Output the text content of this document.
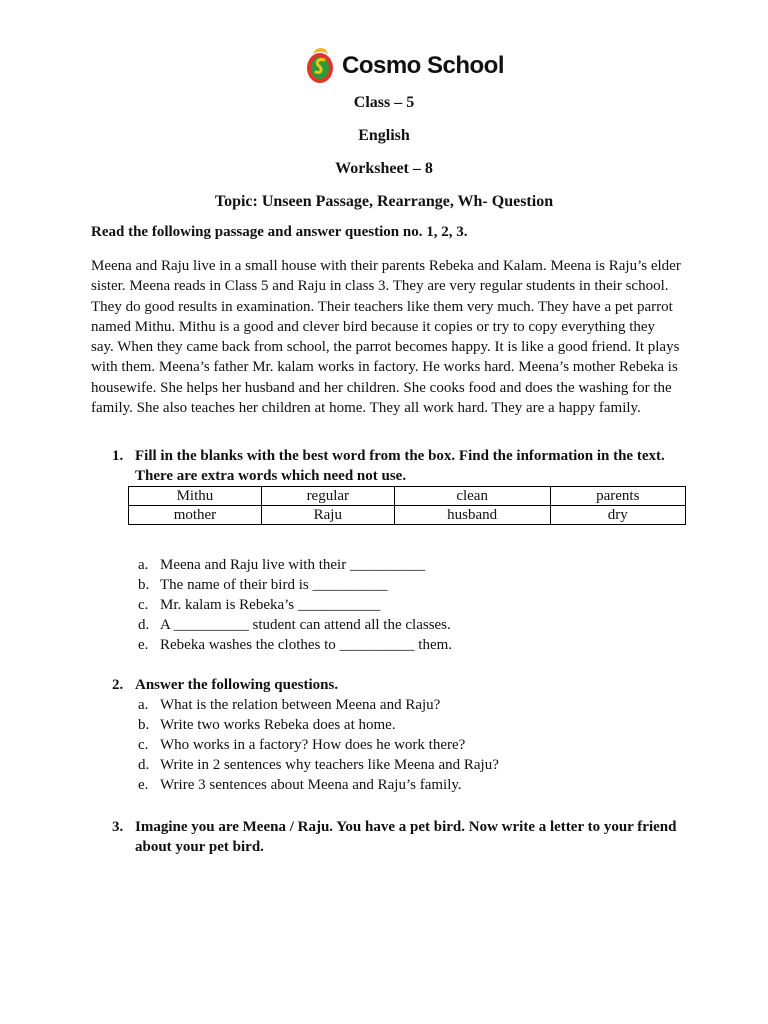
Cosmo School
Class – 5
English
Worksheet – 8
Topic: Unseen Passage, Rearrange, Wh- Question
Read the following passage and answer question no. 1, 2, 3.
Meena and Raju live in a small house with their parents Rebeka and Kalam. Meena is Raju’s elder sister. Meena reads in Class 5 and Raju in class 3. They are very regular students in their school. They do good results in examination. Their teachers like them very much. They have a pet parrot named Mithu. Mithu is a good and clever bird because it copies or try to copy everything they say. When they came back from school, the parrot becomes happy. It is like a good friend. It plays with them. Meena’s father Mr. kalam works in factory. He works hard. Meena’s mother Rebeka is housewife. She helps her husband and her children. She cooks food and does the washing for the family. She also teaches her children at home. They all work hard. They are a happy family.
1. Fill in the blanks with the best word from the box. Find the information in the text. There are extra words which need not use.
Mithu	regular	clean	parents
mother	Raju	husband	dry
a. Meena and Raju live with their __________
b. The name of their bird is __________
c. Mr. kalam is Rebeka’s ___________
d. A __________ student can attend all the classes.
e. Rebeka washes the clothes to __________ them.
2. Answer the following questions.
a. What is the relation between Meena and Raju?
b. Write two works Rebeka does at home.
c. Who works in a factory? How does he work there?
d. Write in 2 sentences why teachers like Meena and Raju?
e. Wrire 3 sentences about Meena and Raju’s family.
3. Imagine you are Meena / Raju. You have a pet bird. Now write a letter to your friend about your pet bird.
